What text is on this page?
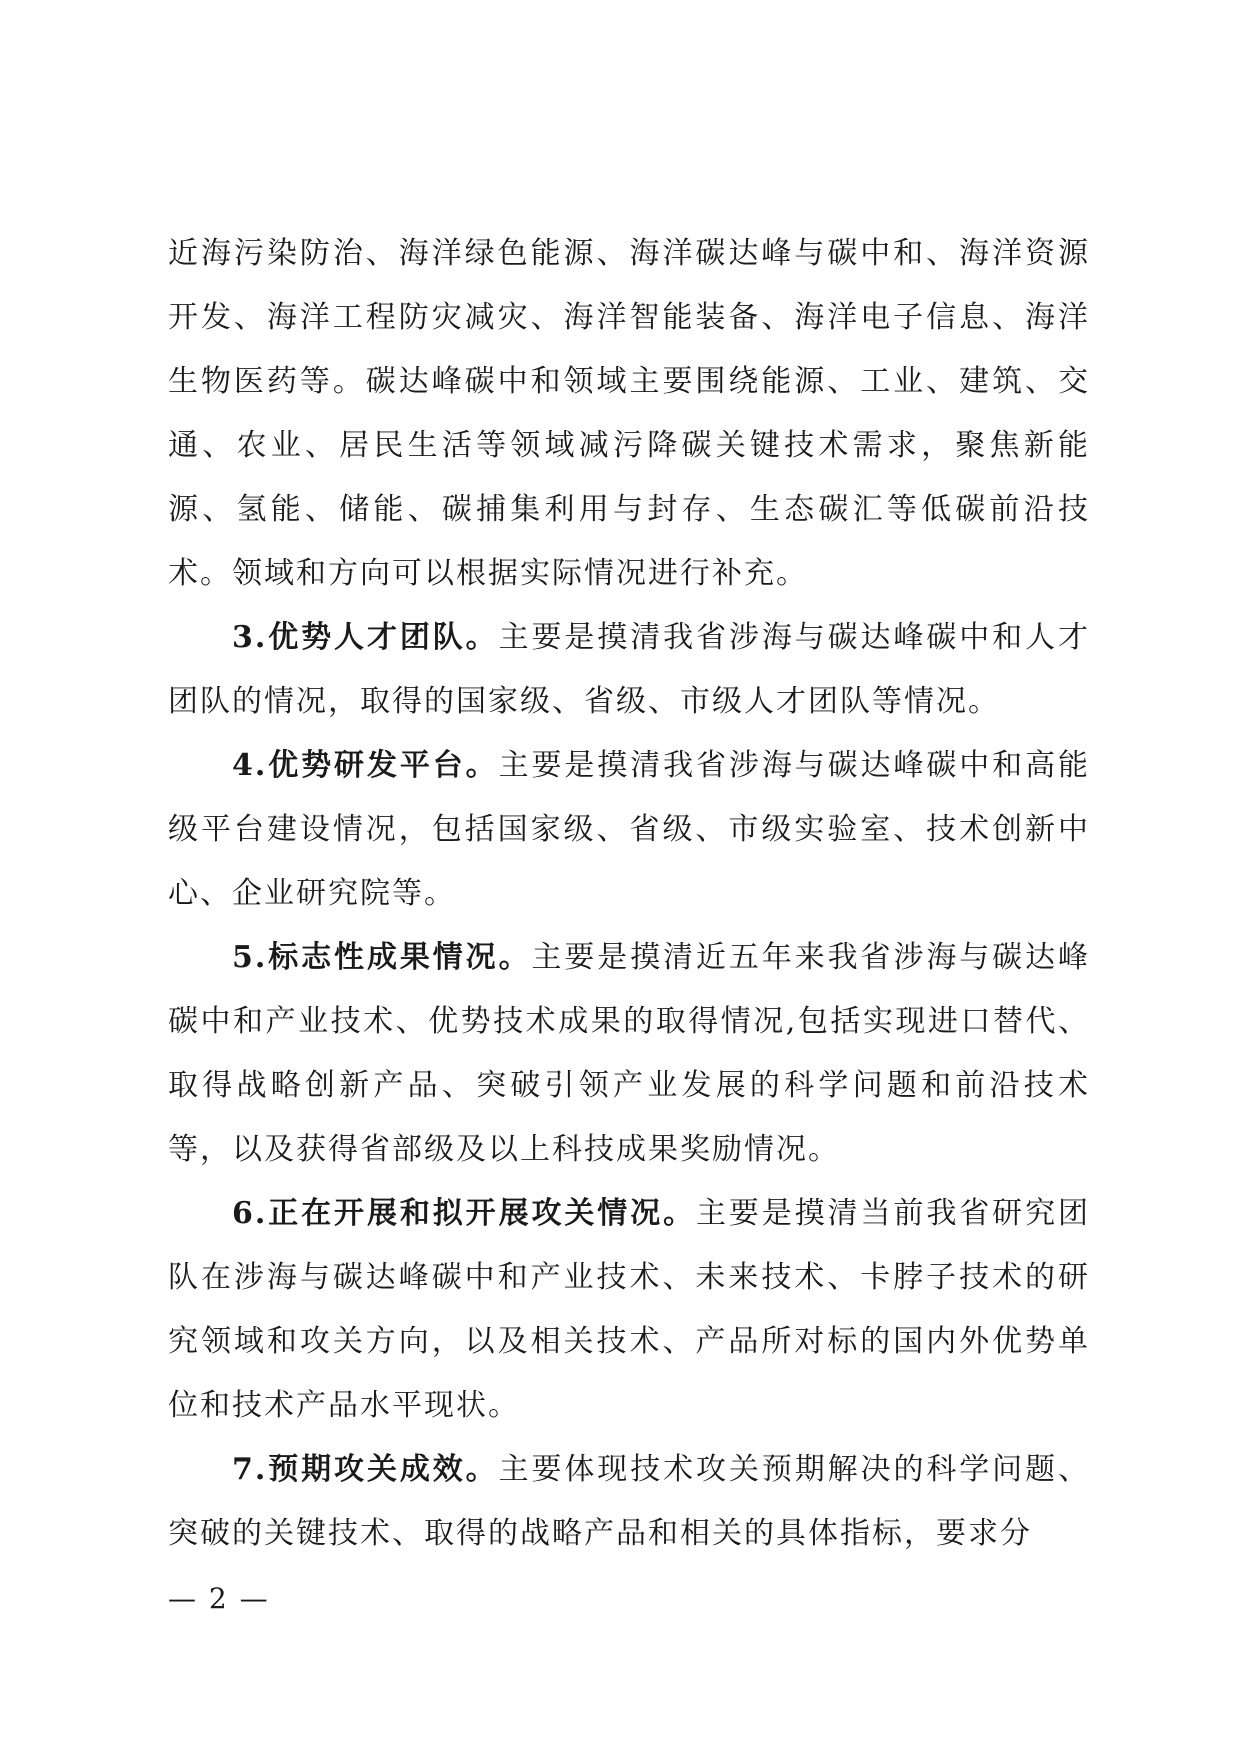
近海污染防治、海洋绿色能源、海洋碳达峰与碳中和、海洋资源开发、海洋工程防灾减灾、海洋智能装备、海洋电子信息、海洋生物医药等。碳达峰碳中和领域主要围绕能源、工业、建筑、交通、农业、居民生活等领域减污降碳关键技术需求，聚焦新能源、氢能、储能、碳捕集利用与封存、生态碳汇等低碳前沿技术。领域和方向可以根据实际情况进行补充。

3.优势人才团队。主要是摸清我省涉海与碳达峰碳中和人才团队的情况，取得的国家级、省级、市级人才团队等情况。

4.优势研发平台。主要是摸清我省涉海与碳达峰碳中和高能级平台建设情况，包括国家级、省级、市级实验室、技术创新中心、企业研究院等。

5.标志性成果情况。主要是摸清近五年来我省涉海与碳达峰碳中和产业技术、优势技术成果的取得情况,包括实现进口替代、取得战略创新产品、突破引领产业发展的科学问题和前沿技术等，以及获得省部级及以上科技成果奖励情况。

6.正在开展和拟开展攻关情况。主要是摸清当前我省研究团队在涉海与碳达峰碳中和产业技术、未来技术、卡脖子技术的研究领域和攻关方向，以及相关技术、产品所对标的国内外优势单位和技术产品水平现状。

7.预期攻关成效。主要体现技术攻关预期解决的科学问题、突破的关键技术、取得的战略产品和相关的具体指标，要求分

— 2 —
